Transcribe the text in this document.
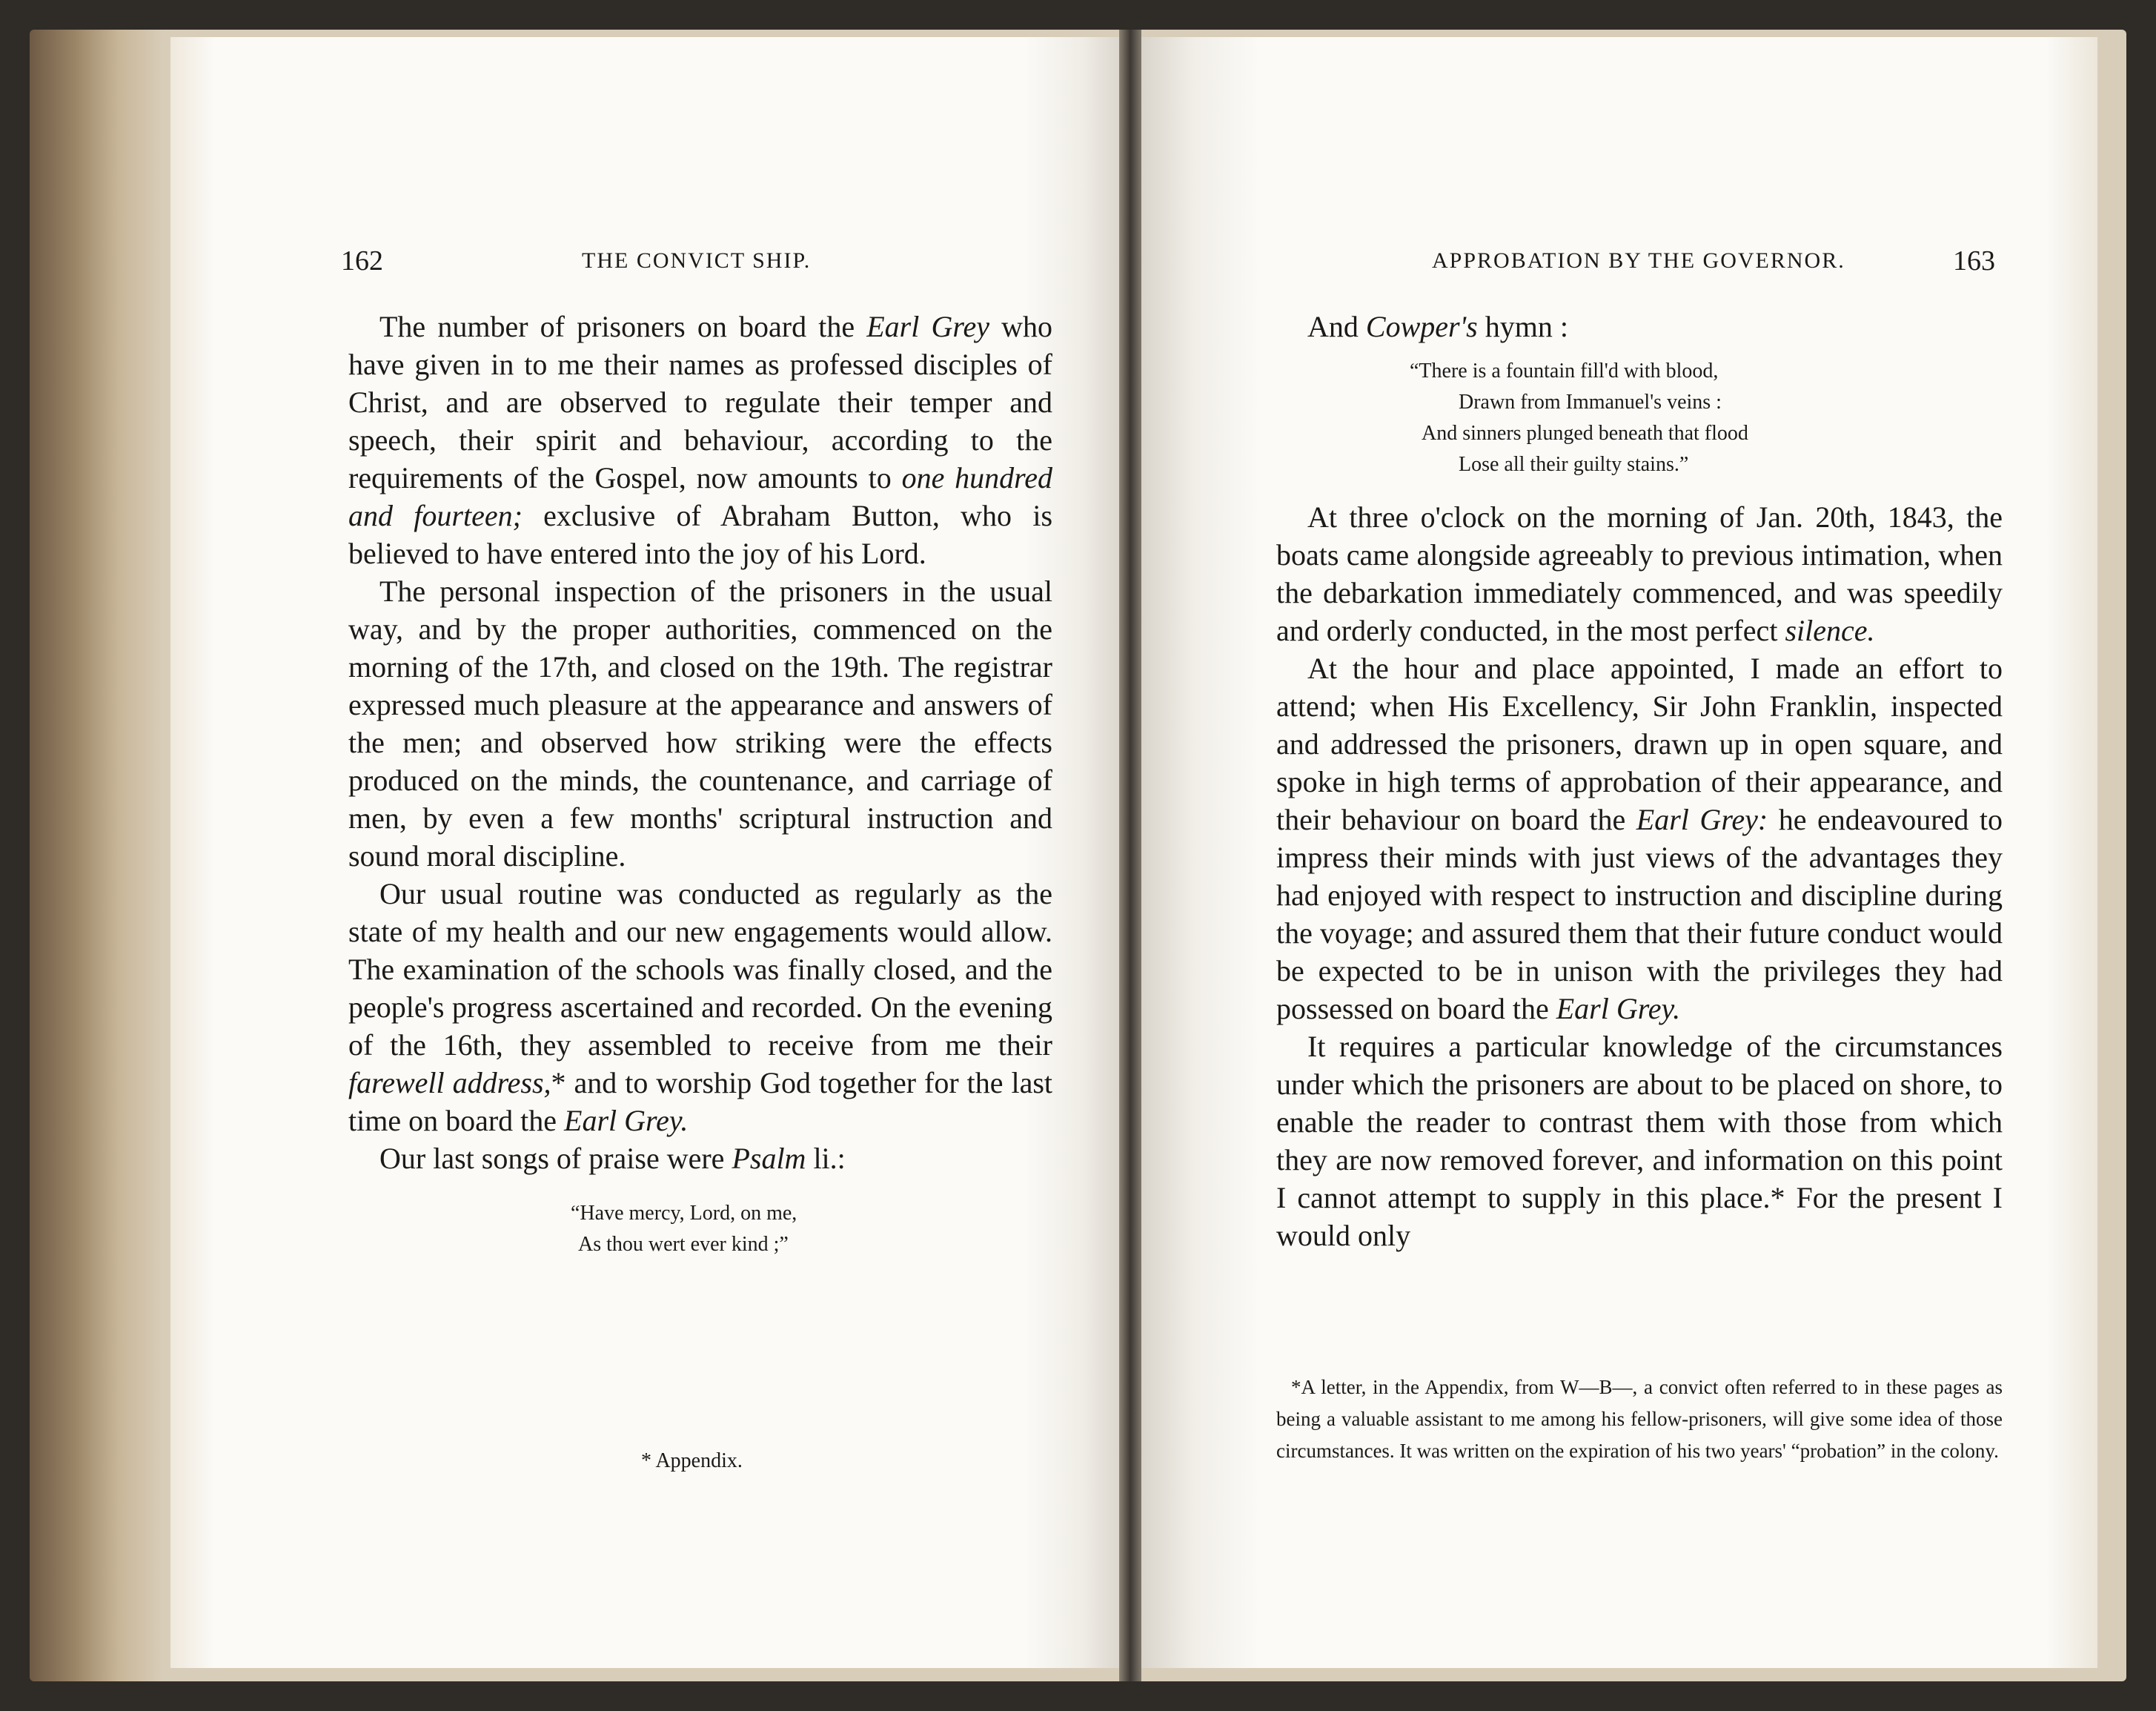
162	THE CONVICT SHIP.

The number of prisoners on board the Earl Grey who have given in to me their names as professed disciples of Christ, and are observed to regulate their temper and speech, their spirit and behaviour, according to the requirements of the Gospel, now amounts to one hundred and fourteen; exclusive of Abraham Button, who is believed to have entered into the joy of his Lord.

The personal inspection of the prisoners in the usual way, and by the proper authorities, commenced on the morning of the 17th, and closed on the 19th. The registrar expressed much pleasure at the appearance and answers of the men; and observed how striking were the effects produced on the minds, the countenance, and carriage of men, by even a few months' scriptural instruction and sound moral discipline.

Our usual routine was conducted as regularly as the state of my health and our new engagements would allow. The examination of the schools was finally closed, and the people's progress ascertained and recorded. On the evening of the 16th, they assembled to receive from me their farewell address,* and to worship God together for the last time on board the Earl Grey.

Our last songs of praise were Psalm li.:

“Have mercy, Lord, on me,
As thou wert ever kind ;”
* Appendix.
APPROBATION BY THE GOVERNOR.	163

And Cowper's hymn :

“There is a fountain fill'd with blood,
Drawn from Immanuel's veins :
And sinners plunged beneath that flood
Lose all their guilty stains.”

At three o'clock on the morning of Jan. 20th, 1843, the boats came alongside agreeably to previous intimation, when the debarkation immediately commenced, and was speedily and orderly conducted, in the most perfect silence.

At the hour and place appointed, I made an effort to attend; when His Excellency, Sir John Franklin, inspected and addressed the prisoners, drawn up in open square, and spoke in high terms of approbation of their appearance, and their behaviour on board the Earl Grey: he endeavoured to impress their minds with just views of the advantages they had enjoyed with respect to instruction and discipline during the voyage; and assured them that their future conduct would be expected to be in unison with the privileges they had possessed on board the Earl Grey.

It requires a particular knowledge of the circumstances under which the prisoners are about to be placed on shore, to enable the reader to contrast them with those from which they are now removed forever, and information on this point I cannot attempt to supply in this place.* For the present I would only

*A letter, in the Appendix, from W—B—, a convict often referred to in these pages as being a valuable assistant to me among his fellow-prisoners, will give some idea of those circumstances. It was written on the expiration of his two years' “probation” in the colony.
